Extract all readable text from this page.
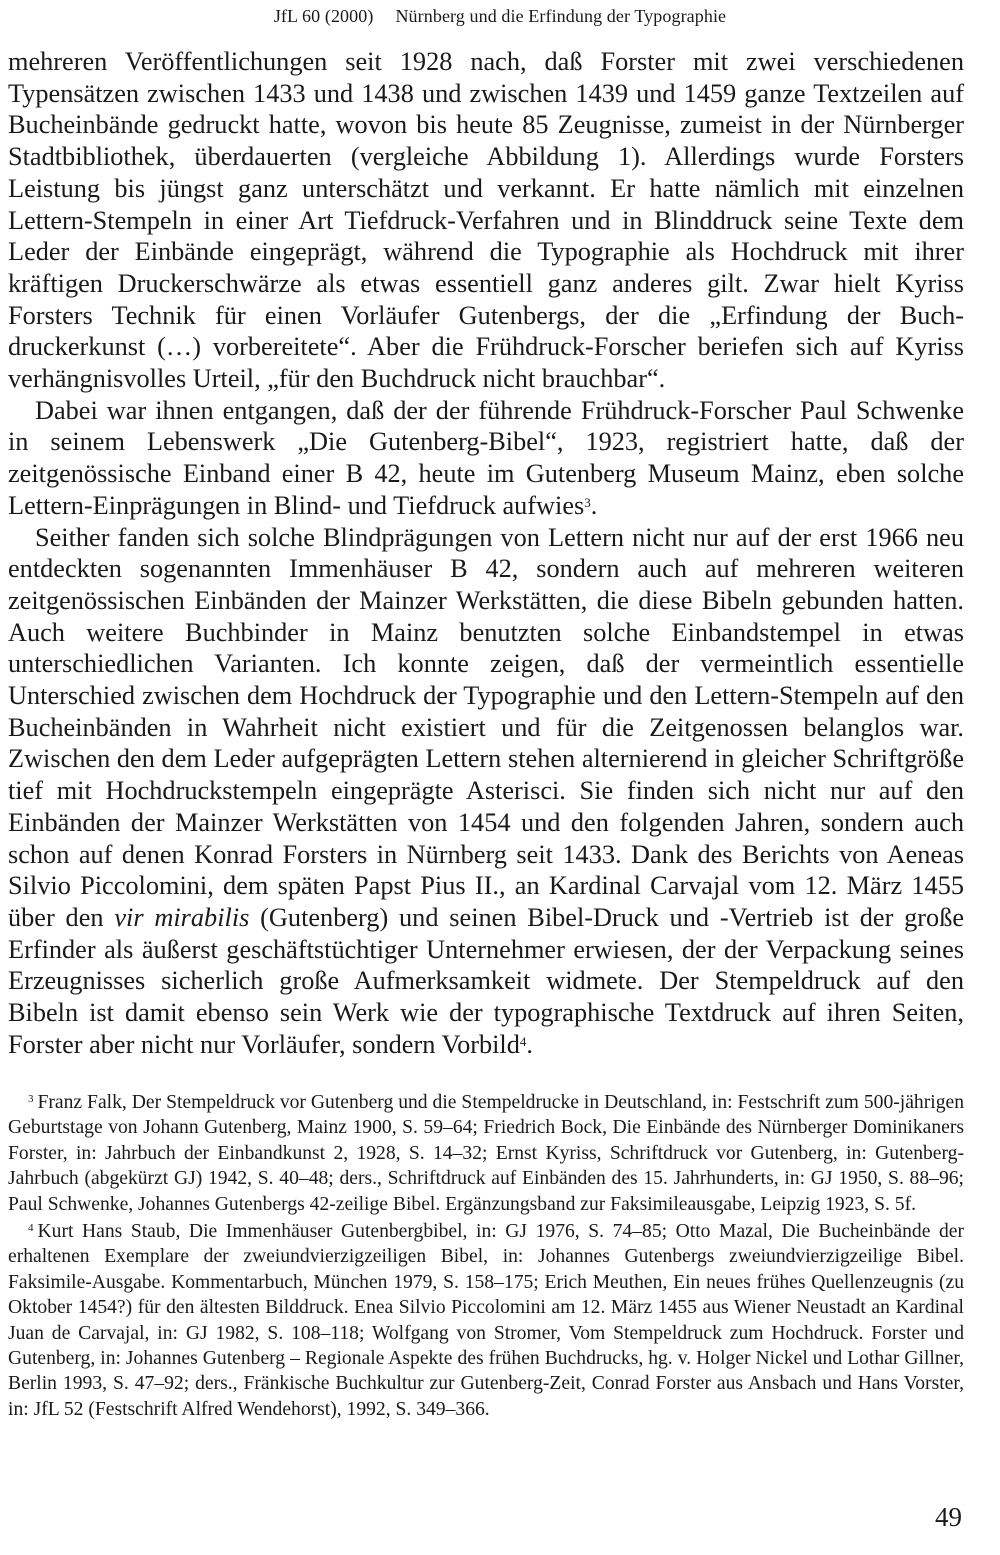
JfL 60 (2000) Nürnberg und die Erfindung der Typographie

mehreren Veröffentlichungen seit 1928 nach, daß Forster mit zwei verschiedenen Typensätzen zwischen 1433 und 1438 und zwischen 1439 und 1459 ganze Textzeilen auf Bucheinbände gedruckt hatte, wovon bis heute 85 Zeugnisse, zumeist in der Nürnberger Stadtbibliothek, überdauerten (vergleiche Abbildung 1). Allerdings wurde Forsters Leistung bis jüngst ganz unterschätzt und verkannt. Er hatte nämlich mit einzelnen Lettern-Stempeln in einer Art Tiefdruck-Verfahren und in Blinddruck seine Texte dem Leder der Einbände eingeprägt, während die Typographie als Hochdruck mit ihrer kräftigen Druckerschwärze als etwas essentiell ganz anderes gilt. Zwar hielt Kyriss Forsters Technik für einen Vorläufer Gutenbergs, der die „Erfindung der Buchdruckerkunst (…) vorbereitete“. Aber die Frühdruck-Forscher beriefen sich auf Kyriss verhängnisvolles Urteil, „für den Buchdruck nicht brauchbar“.

Dabei war ihnen entgangen, daß der der führende Frühdruck-Forscher Paul Schwenke in seinem Lebenswerk „Die Gutenberg-Bibel“, 1923, registriert hatte, daß der zeitgenössische Einband einer B 42, heute im Gutenberg Museum Mainz, eben solche Lettern-Einprägungen in Blind- und Tiefdruck aufwies$^3$.

Seither fanden sich solche Blindprägungen von Lettern nicht nur auf der erst 1966 neu entdeckten sogenannten Immenhäuser B 42, sondern auch auf mehreren weiteren zeitgenössischen Einbänden der Mainzer Werkstätten, die diese Bibeln gebunden hatten. Auch weitere Buchbinder in Mainz benutzten solche Einbandstempel in etwas unterschiedlichen Varianten. Ich konnte zeigen, daß der vermeintlich essentielle Unterschied zwischen dem Hochdruck der Typographie und den Lettern-Stempeln auf den Bucheinbänden in Wahrheit nicht existiert und für die Zeitgenossen belanglos war. Zwischen den dem Leder aufgeprägten Lettern stehen alternierend in gleicher Schriftgröße tief mit Hochdruckstempeln eingeprägte Asterisci. Sie finden sich nicht nur auf den Einbänden der Mainzer Werkstätten von 1454 und den folgenden Jahren, sondern auch schon auf denen Konrad Forsters in Nürnberg seit 1433. Dank des Berichts von Aeneas Silvio Piccolomini, dem späten Papst Pius II., an Kardinal Carvajal vom 12. März 1455 über den vir mirabilis (Gutenberg) und seinen Bibel-Druck und -Vertrieb ist der große Erfinder als äußerst geschäftstüchtiger Unternehmer erwiesen, der der Verpackung seines Erzeugnisses sicherlich große Aufmerksamkeit widmete. Der Stempeldruck auf den Bibeln ist damit ebenso sein Werk wie der typographische Textdruck auf ihren Seiten, Forster aber nicht nur Vorläufer, sondern Vorbild$^4$.

$^3$ Franz Falk, Der Stempeldruck vor Gutenberg und die Stempeldrucke in Deutschland, in: Festschrift zum 500-jährigen Geburtstage von Johann Gutenberg, Mainz 1900, S. 59–64; Friedrich Bock, Die Einbände des Nürnberger Dominikaners Forster, in: Jahrbuch der Einbandkunst 2, 1928, S. 14–32; Ernst Kyriss, Schriftdruck vor Gutenberg, in: Gutenberg-Jahrbuch (abgekürzt GJ) 1942, S. 40–48; ders., Schriftdruck auf Einbänden des 15. Jahrhunderts, in: GJ 1950, S. 88–96; Paul Schwenke, Johannes Gutenbergs 42-zeilige Bibel. Ergänzungsband zur Faksimileausgabe, Leipzig 1923, S. 5f.

$^4$ Kurt Hans Staub, Die Immenhäuser Gutenbergbibel, in: GJ 1976, S. 74–85; Otto Mazal, Die Bucheinbände der erhaltenen Exemplare der zweiundvierzigzeiligen Bibel, in: Johannes Gutenbergs zweiundvierzigzeilige Bibel. Faksimile-Ausgabe. Kommentarbuch, München 1979, S. 158–175; Erich Meuthen, Ein neues frühes Quellenzeugnis (zu Oktober 1454?) für den ältesten Bilddruck. Enea Silvio Piccolomini am 12. März 1455 aus Wiener Neustadt an Kardinal Juan de Carvajal, in: GJ 1982, S. 108–118; Wolfgang von Stromer, Vom Stempeldruck zum Hochdruck. Forster und Gutenberg, in: Johannes Gutenberg – Regionale Aspekte des frühen Buchdrucks, hg. v. Holger Nickel und Lothar Gillner, Berlin 1993, S. 47–92; ders., Fränkische Buchkultur zur Gutenberg-Zeit, Conrad Forster aus Ansbach und Hans Vorster, in: JfL 52 (Festschrift Alfred Wendehorst), 1992, S. 349–366.

49
